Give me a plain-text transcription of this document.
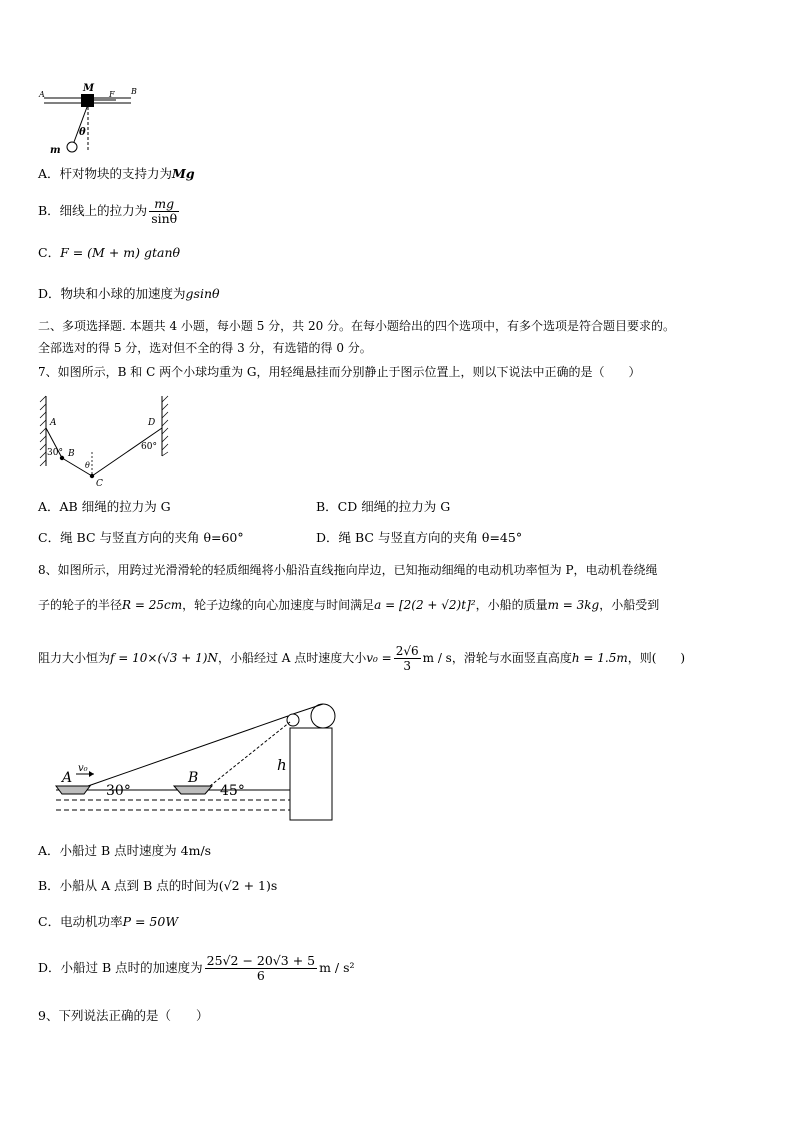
A
M
F B
θ
m
A．杆对物块的支持力为Mg
B．细线上的拉力为 $\frac{mg}{\sin\theta}$
C．F = (M + m) gtanθ
D．物块和小球的加速度为gsinθ
二、多项选择题. 本题共 4 小题，每小题 5 分，共 20 分。在每小题给出的四个选项中，有多个选项是符合题目要求的。
全部选对的得 5 分，选对但不全的得 3 分，有选错的得 0 分。
7、如图所示，B 和 C 两个小球均重为 G，用轻绳悬挂而分别静止于图示位置上，则以下说法中正确的是（　　）
A
B
C
D
30°
60°
θ
A．AB 细绳的拉力为 G	B．CD 细绳的拉力为 G
C．绳 BC 与竖直方向的夹角 θ=60°	D．绳 BC 与竖直方向的夹角 θ=45°
8、如图所示，用跨过光滑滑轮的轻质细绳将小船沿直线拖向岸边，已知拖动细绳的电动机功率恒为 P，电动机卷绕绳
子的轮子的半径R = 25cm，轮子边缘的向心加速度与时间满足a = [2(2 + √2)t]²，小船的质量m = 3kg，小船受到
阻力大小恒为f = 10×(√3 + 1)N，小船经过 A 点时速度大小$v_0 = \frac{2√6}{3}$ m / s，滑轮与水面竖直高度h = 1.5m，则(　　)
A
v₀
30°
B
45°
h
A．小船过 B 点时速度为 4m/s
B．小船从 A 点到 B 点的时间为(√2 + 1)s
C．电动机功率P = 50W
D．小船过 B 点时的加速度为 $\frac{25√2 - 20√3 + 5}{6}$ m / s²
9、下列说法正确的是（　　）
